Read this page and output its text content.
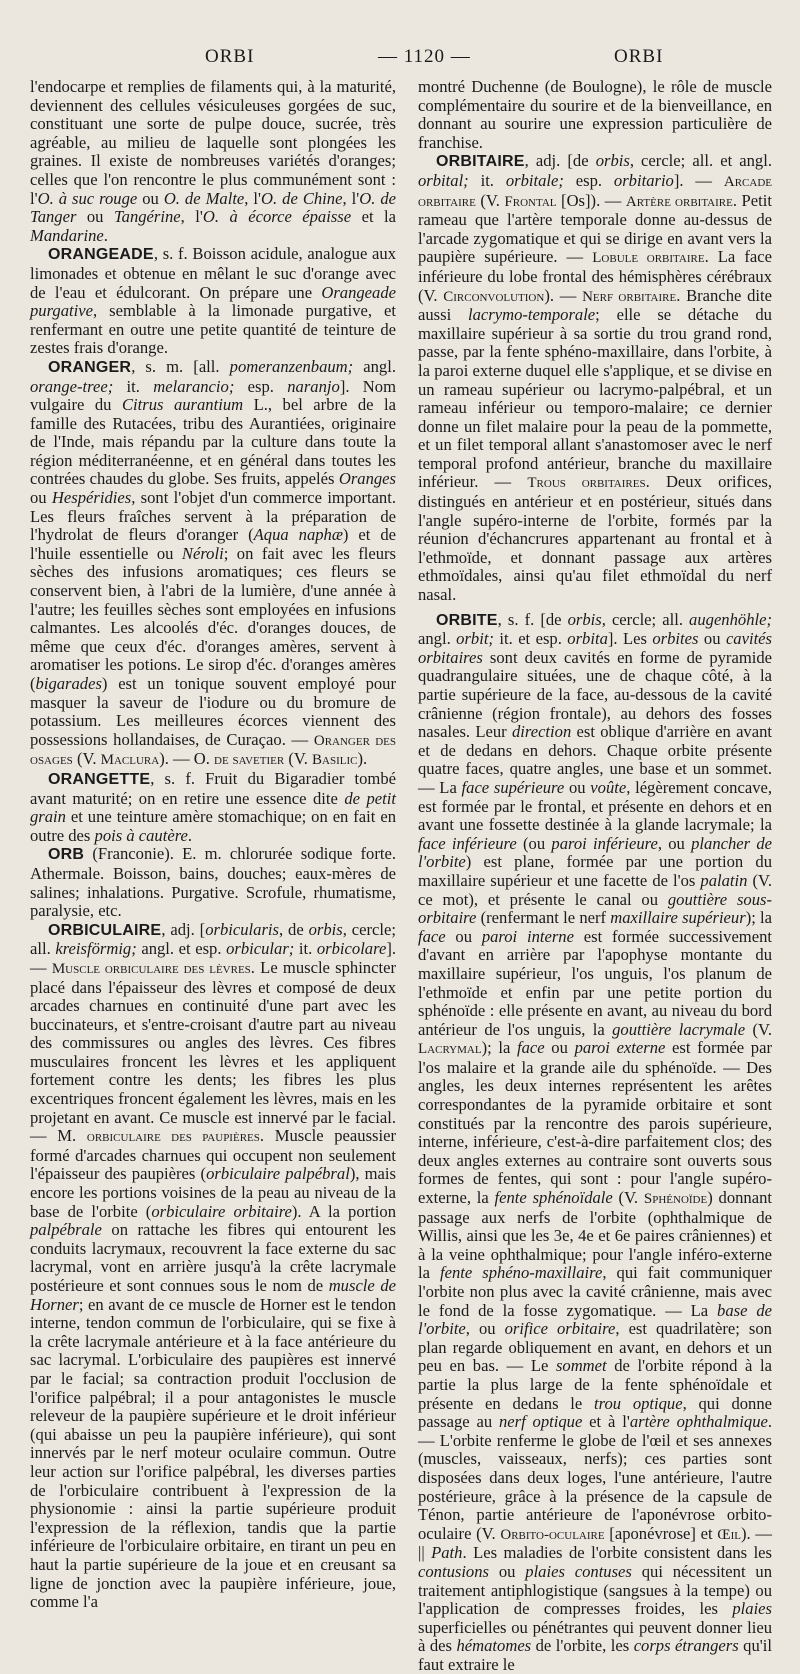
ORBI	— 1120 —	ORBI

l'endocarpe et remplies de filaments qui, à la maturité, deviennent des cellules vésiculeuses gorgées de suc, constituant une sorte de pulpe douce, sucrée, très agréable, au milieu de laquelle sont plongées les graines. Il existe de nombreuses variétés d'oranges; celles que l'on rencontre le plus communément sont : l'O. à suc rouge ou O. de Malte, l'O. de Chine, l'O. de Tanger ou Tangérine, l'O. à écorce épaisse et la Mandarine.

ORANGEADE, s. f. Boisson acidule, analogue aux limonades et obtenue en mêlant le suc d'orange avec de l'eau et édulcorant. On prépare une Orangeade purgative, semblable à la limonade purgative, et renfermant en outre une petite quantité de teinture de zestes frais d'orange.

ORANGER, s. m. [all. pomeranzenbaum; angl. orange-tree; it. melarancio; esp. naranjo]. Nom vulgaire du Citrus aurantium L., bel arbre de la famille des Rutacées, tribu des Aurantiées, originaire de l'Inde, mais répandu par la culture dans toute la région méditerranéenne, et en général dans toutes les contrées chaudes du globe. Ses fruits, appelés Oranges ou Hespéridies, sont l'objet d'un commerce important. Les fleurs fraîches servent à la préparation de l'hydrolat de fleurs d'oranger (Aqua naphæ) et de l'huile essentielle ou Néroli; on fait avec les fleurs sèches des infusions aromatiques; ces fleurs se conservent bien, à l'abri de la lumière, d'une année à l'autre; les feuilles sèches sont employées en infusions calmantes. Les alcoolés d'éc. d'oranges douces, de même que ceux d'éc. d'oranges amères, servent à aromatiser les potions. Le sirop d'éc. d'oranges amères (bigarades) est un tonique souvent employé pour masquer la saveur de l'iodure ou du bromure de potassium. Les meilleures écorces viennent des possessions hollandaises, de Curaçao. — Oranger des osages (V. Maclura). — O. de savetier (V. Basilic).

ORANGETTE, s. f. Fruit du Bigaradier tombé avant maturité; on en retire une essence dite de petit grain et une teinture amère stomachique; on en fait en outre des pois à cautère.

ORB (Franconie). E. m. chlorurée sodique forte. Athermale. Boisson, bains, douches; eaux-mères de salines; inhalations. Purgative. Scrofule, rhumatisme, paralysie, etc.

ORBICULAIRE, adj. [orbicularis, de orbis, cercle; all. kreisförmig; angl. et esp. orbicular; it. orbicolare].— Muscle orbiculaire des lèvres. Le muscle sphincter placé dans l'épaisseur des lèvres et composé de deux arcades charnues en continuité d'une part avec les buccinateurs, et s'entre-croisant d'autre part au niveau des commissures ou angles des lèvres. Ces fibres musculaires froncent les lèvres et les appliquent fortement contre les dents; les fibres les plus excentriques froncent également les lèvres, mais en les projetant en avant. Ce muscle est innervé par le facial.— M. orbiculaire des paupières. Muscle peaussier formé d'arcades charnues qui occupent non seulement l'épaisseur des paupières (orbiculaire palpébral), mais encore les portions voisines de la peau au niveau de la base de l'orbite (orbiculaire orbitaire). A la portion palpébrale on rattache les fibres qui entourent les conduits lacrymaux, recouvrent la face externe du sac lacrymal, vont en arrière jusqu'à la crête lacrymale postérieure et sont connues sous le nom de muscle de Horner; en avant de ce muscle de Horner est le tendon interne, tendon commun de l'orbiculaire, qui se fixe à la crête lacrymale antérieure et à la face antérieure du sac lacrymal. L'orbiculaire des paupières est innervé par le facial; sa contraction produit l'occlusion de l'orifice palpébral; il a pour antagonistes le muscle releveur de la paupière supérieure et le droit inférieur (qui abaisse un peu la paupière inférieure), qui sont innervés par le nerf moteur oculaire commun. Outre leur action sur l'orifice palpébral, les diverses parties de l'orbiculaire contribuent à l'expression de la physionomie : ainsi la partie supérieure produit l'expression de la réflexion, tandis que la partie inférieure de l'orbiculaire orbitaire, en tirant un peu en haut la partie supérieure de la joue et en creusant sa ligne de jonction avec la paupière inférieure, joue, comme l'a

montré Duchenne (de Boulogne), le rôle de muscle complémentaire du sourire et de la bienveillance, en donnant au sourire une expression particulière de franchise.

ORBITAIRE, adj. [de orbis, cercle; all. et angl. orbital; it. orbitale; esp. orbitario]. — Arcade orbitaire (V. Frontal [Os]). — Artère orbitaire. Petit rameau que l'artère temporale donne au-dessus de l'arcade zygomatique et qui se dirige en avant vers la paupière supérieure. — Lobule orbitaire. La face inférieure du lobe frontal des hémisphères cérébraux (V. Circonvolution). — Nerf orbitaire. Branche dite aussi lacrymo-temporale; elle se détache du maxillaire supérieur à sa sortie du trou grand rond, passe, par la fente sphéno-maxillaire, dans l'orbite, à la paroi externe duquel elle s'applique, et se divise en un rameau supérieur ou lacrymo-palpébral, et un rameau inférieur ou temporo-malaire; ce dernier donne un filet malaire pour la peau de la pommette, et un filet temporal allant s'anastomoser avec le nerf temporal profond antérieur, branche du maxillaire inférieur. — Trous orbitaires. Deux orifices, distingués en antérieur et en postérieur, situés dans l'angle supéro-interne de l'orbite, formés par la réunion d'échancrures appartenant au frontal et à l'ethmoïde, et donnant passage aux artères ethmoïdales, ainsi qu'au filet ethmoïdal du nerf nasal.

ORBITE, s. f. [de orbis, cercle; all. augenhöhle; angl. orbit; it. et esp. orbita]. Les orbites ou cavités orbitaires sont deux cavités en forme de pyramide quadrangulaire situées, une de chaque côté, à la partie supérieure de la face, au-dessous de la cavité crânienne (région frontale), au dehors des fosses nasales. Leur direction est oblique d'arrière en avant et de dedans en dehors. Chaque orbite présente quatre faces, quatre angles, une base et un sommet. — La face supérieure ou voûte, légèrement concave, est formée par le frontal, et présente en dehors et en avant une fossette destinée à la glande lacrymale; la face inférieure (ou paroi inférieure, ou plancher de l'orbite) est plane, formée par une portion du maxillaire supérieur et une facette de l'os palatin (V. ce mot), et présente le canal ou gouttière sous-orbitaire (renfermant le nerf maxillaire supérieur); la face ou paroi interne est formée successivement d'avant en arrière par l'apophyse montante du maxillaire supérieur, l'os unguis, l'os planum de l'ethmoïde et enfin par une petite portion du sphénoïde : elle présente en avant, au niveau du bord antérieur de l'os unguis, la gouttière lacrymale (V. Lacrymal); la face ou paroi externe est formée par l'os malaire et la grande aile du sphénoïde. — Des angles, les deux internes représentent les arêtes correspondantes de la pyramide orbitaire et sont constitués par la rencontre des parois supérieure, interne, inférieure, c'est-à-dire parfaitement clos; des deux angles externes au contraire sont ouverts sous formes de fentes, qui sont : pour l'angle supéro-externe, la fente sphénoïdale (V. Sphénoïde) donnant passage aux nerfs de l'orbite (ophthalmique de Willis, ainsi que les 3e, 4e et 6e paires crâniennes) et à la veine ophthalmique; pour l'angle inféro-externe la fente sphéno-maxillaire, qui fait communiquer l'orbite non plus avec la cavité crânienne, mais avec le fond de la fosse zygomatique. — La base de l'orbite, ou orifice orbitaire, est quadrilatère; son plan regarde obliquement en avant, en dehors et un peu en bas. — Le sommet de l'orbite répond à la partie la plus large de la fente sphénoïdale et présente en dedans le trou optique, qui donne passage au nerf optique et à l'artère ophthalmique. — L'orbite renferme le globe de l'œil et ses annexes (muscles, vaisseaux, nerfs); ces parties sont disposées dans deux loges, l'une antérieure, l'autre postérieure, grâce à la présence de la capsule de Ténon, partie antérieure de l'aponévrose orbito-oculaire (V. Orbito-oculaire [aponévrose] et Œil). — || Path. Les maladies de l'orbite consistent dans les contusions ou plaies contuses qui nécessitent un traitement antiphlogistique (sangsues à la tempe) ou l'application de compresses froides, les plaies superficielles ou pénétrantes qui peuvent donner lieu à des hématomes de l'orbite, les corps étrangers qu'il faut extraire le
